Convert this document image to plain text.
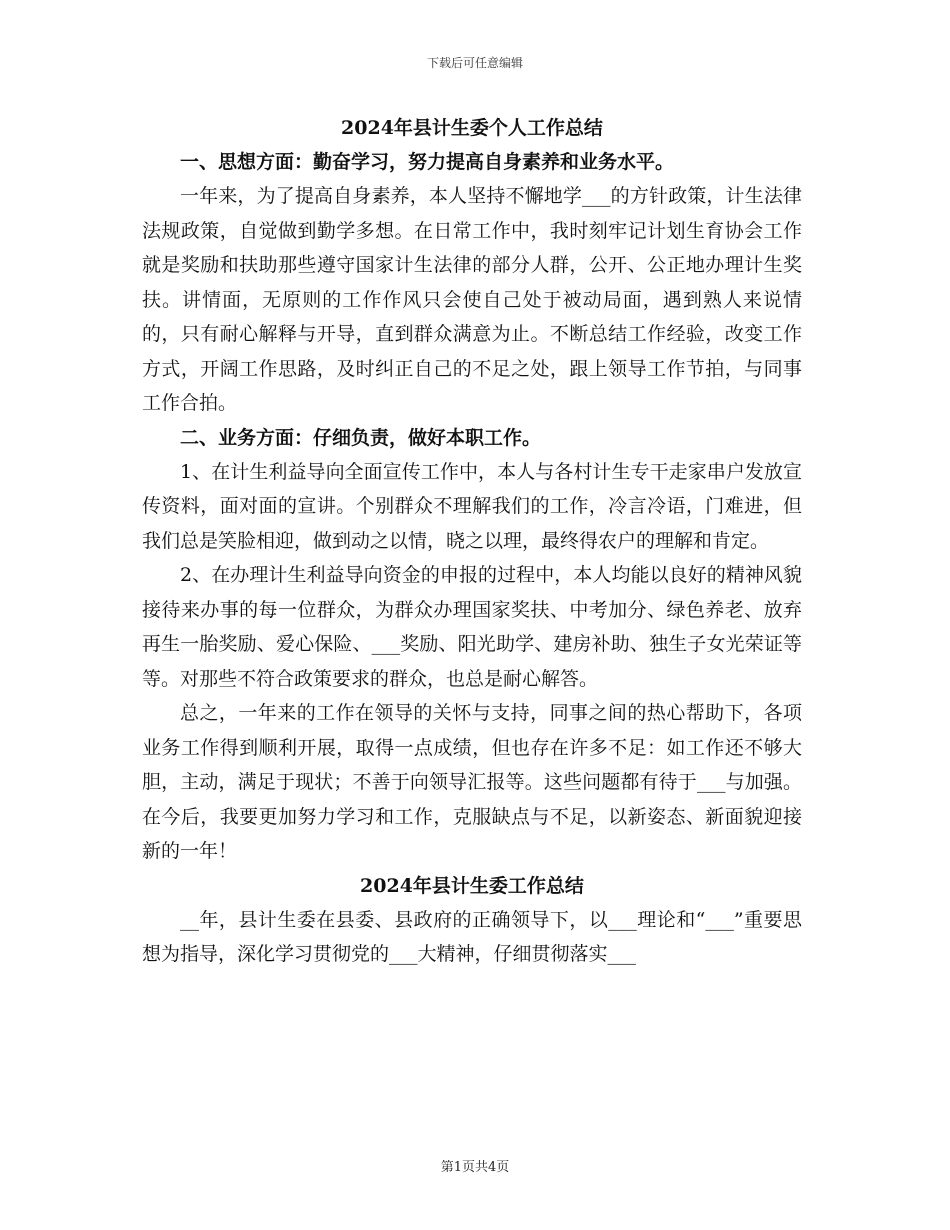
下载后可任意编辑
2024年县计生委个人工作总结
一、思想方面：勤奋学习，努力提高自身素养和业务水平。

一年来，为了提高自身素养，本人坚持不懈地学___的方针政策，计生法律法规政策，自觉做到勤学多想。在日常工作中，我时刻牢记计划生育协会工作就是奖励和扶助那些遵守国家计生法律的部分人群，公开、公正地办理计生奖扶。讲情面，无原则的工作作风只会使自己处于被动局面，遇到熟人来说情的，只有耐心解释与开导，直到群众满意为止。不断总结工作经验，改变工作方式，开阔工作思路，及时纠正自己的不足之处，跟上领导工作节拍，与同事工作合拍。

二、业务方面：仔细负责，做好本职工作。

1、在计生利益导向全面宣传工作中，本人与各村计生专干走家串户发放宣传资料，面对面的宣讲。个别群众不理解我们的工作，冷言冷语，门难进，但我们总是笑脸相迎，做到动之以情，晓之以理，最终得农户的理解和肯定。

2、在办理计生利益导向资金的申报的过程中，本人均能以良好的精神风貌接待来办事的每一位群众，为群众办理国家奖扶、中考加分、绿色养老、放弃再生一胎奖励、爱心保险、___奖励、阳光助学、建房补助、独生子女光荣证等等。对那些不符合政策要求的群众，也总是耐心解答。

总之，一年来的工作在领导的关怀与支持，同事之间的热心帮助下，各项业务工作得到顺利开展，取得一点成绩，但也存在许多不足：如工作还不够大胆，主动，满足于现状；不善于向领导汇报等。这些问题都有待于___与加强。在今后，我要更加努力学习和工作，克服缺点与不足，以新姿态、新面貌迎接新的一年！

2024年县计生委工作总结

__年，县计生委在县委、县政府的正确领导下，以___理论和“___”重要思想为指导，深化学习贯彻党的___大精神，仔细贯彻落实___

第1页共4页
